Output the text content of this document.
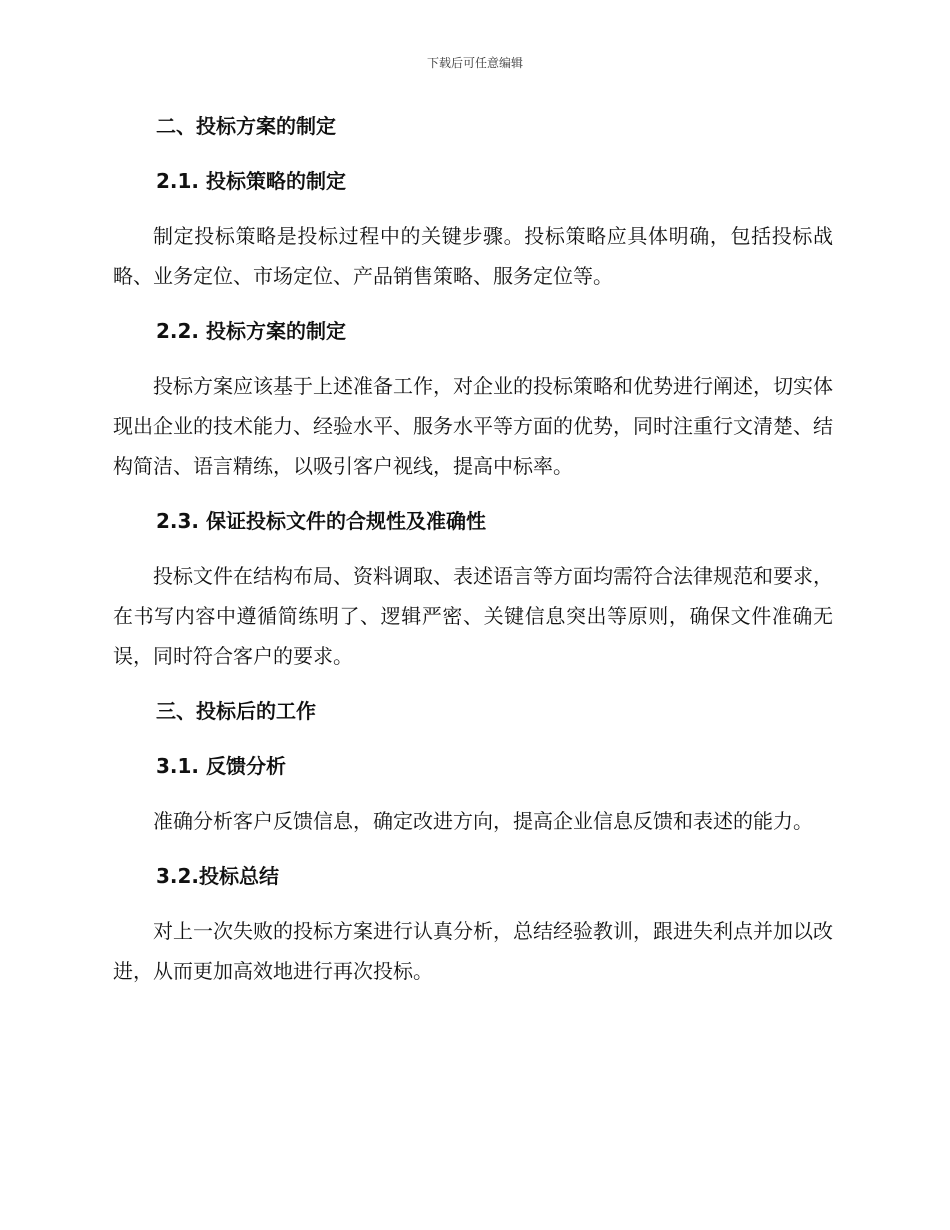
下载后可任意编辑
二、投标方案的制定
2.1. 投标策略的制定

制定投标策略是投标过程中的关键步骤。投标策略应具体明确，包括投标战略、业务定位、市场定位、产品销售策略、服务定位等。

2.2. 投标方案的制定

投标方案应该基于上述准备工作，对企业的投标策略和优势进行阐述，切实体现出企业的技术能力、经验水平、服务水平等方面的优势，同时注重行文清楚、结构简洁、语言精练，以吸引客户视线，提高中标率。

2.3. 保证投标文件的合规性及准确性

投标文件在结构布局、资料调取、表述语言等方面均需符合法律规范和要求，在书写内容中遵循简练明了、逻辑严密、关键信息突出等原则，确保文件准确无误，同时符合客户的要求。

三、投标后的工作
3.1. 反馈分析

准确分析客户反馈信息，确定改进方向，提高企业信息反馈和表述的能力。

3.2.投标总结

对上一次失败的投标方案进行认真分析，总结经验教训，跟进失利点并加以改进，从而更加高效地进行再次投标。
